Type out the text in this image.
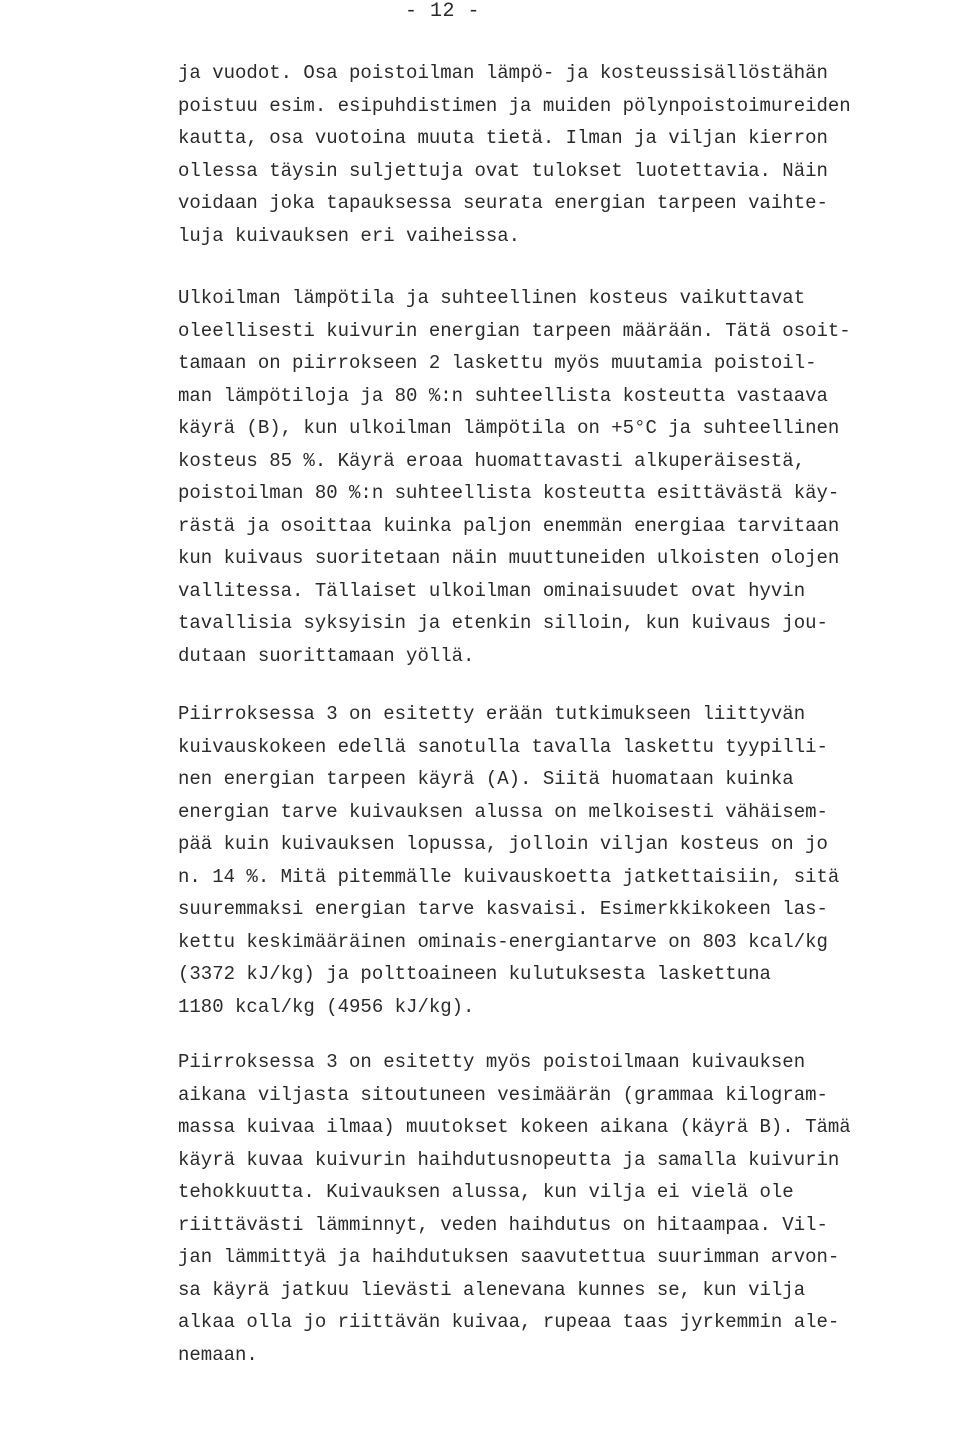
- 12 -
ja vuodot. Osa poistoilman lämpö- ja kosteussisällöstähän
poistuu esim. esipuhdistimen ja muiden pölynpoistoimureiden
kautta, osa vuotoina muuta tietä. Ilman ja viljan kierron
ollessa täysin suljettuja ovat tulokset luotettavia. Näin
voidaan joka tapauksessa seurata energian tarpeen vaihte-
luja kuivauksen eri vaiheissa.
Ulkoilman lämpötila ja suhteellinen kosteus vaikuttavat
oleellisesti kuivurin energian tarpeen määrään. Tätä osoit-
tamaan on piirrokseen 2 laskettu myös muutamia poistoil-
man lämpötiloja ja 80 %:n suhteellista kosteutta vastaava
käyrä (B), kun ulkoilman lämpötila on +5°C ja suhteellinen
kosteus 85 %. Käyrä eroaa huomattavasti alkuperäisestä,
poistoilman 80 %:n suhteellista kosteutta esittävästä käy-
rästä ja osoittaa kuinka paljon enemmän energiaa tarvitaan
kun kuivaus suoritetaan näin muuttuneiden ulkoisten olojen
vallitessa. Tällaiset ulkoilman ominaisuudet ovat hyvin
tavallisia syksyisin ja etenkin silloin, kun kuivaus jou-
dutaan suorittamaan yöllä.
Piirroksessa 3 on esitetty erään tutkimukseen liittyvän
kuivauskokeen edellä sanotulla tavalla laskettu tyypilli-
nen energian tarpeen käyrä (A). Siitä huomataan kuinka
energian tarve kuivauksen alussa on melkoisesti vähäisem-
pää kuin kuivauksen lopussa, jolloin viljan kosteus on jo
n. 14 %. Mitä pitemmälle kuivauskoetta jatkettaisiin, sitä
suuremmaksi energian tarve kasvaisi. Esimerkkikokeen las-
kettu keskimääräinen ominais-energiantarve on 803 kcal/kg
(3372 kJ/kg) ja polttoaineen kulutuksesta laskettuna
1180 kcal/kg (4956 kJ/kg).
Piirroksessa 3 on esitetty myös poistoilmaan kuivauksen
aikana viljasta sitoutuneen vesimäärän (grammaa kilogram-
massa kuivaa ilmaa) muutokset kokeen aikana (käyrä B). Tämä
käyrä kuvaa kuivurin haihdutusnopeutta ja samalla kuivurin
tehokkuutta. Kuivauksen alussa, kun vilja ei vielä ole
riittävästi lämminnyt, veden haihdutus on hitaampaa. Vil-
jan lämmittyä ja haihdutuksen saavutettua suurimman arvon-
sa käyrä jatkuu lievästi alenevana kunnes se, kun vilja
alkaa olla jo riittävän kuivaa, rupeaa taas jyrkemmin ale-
nemaan.
